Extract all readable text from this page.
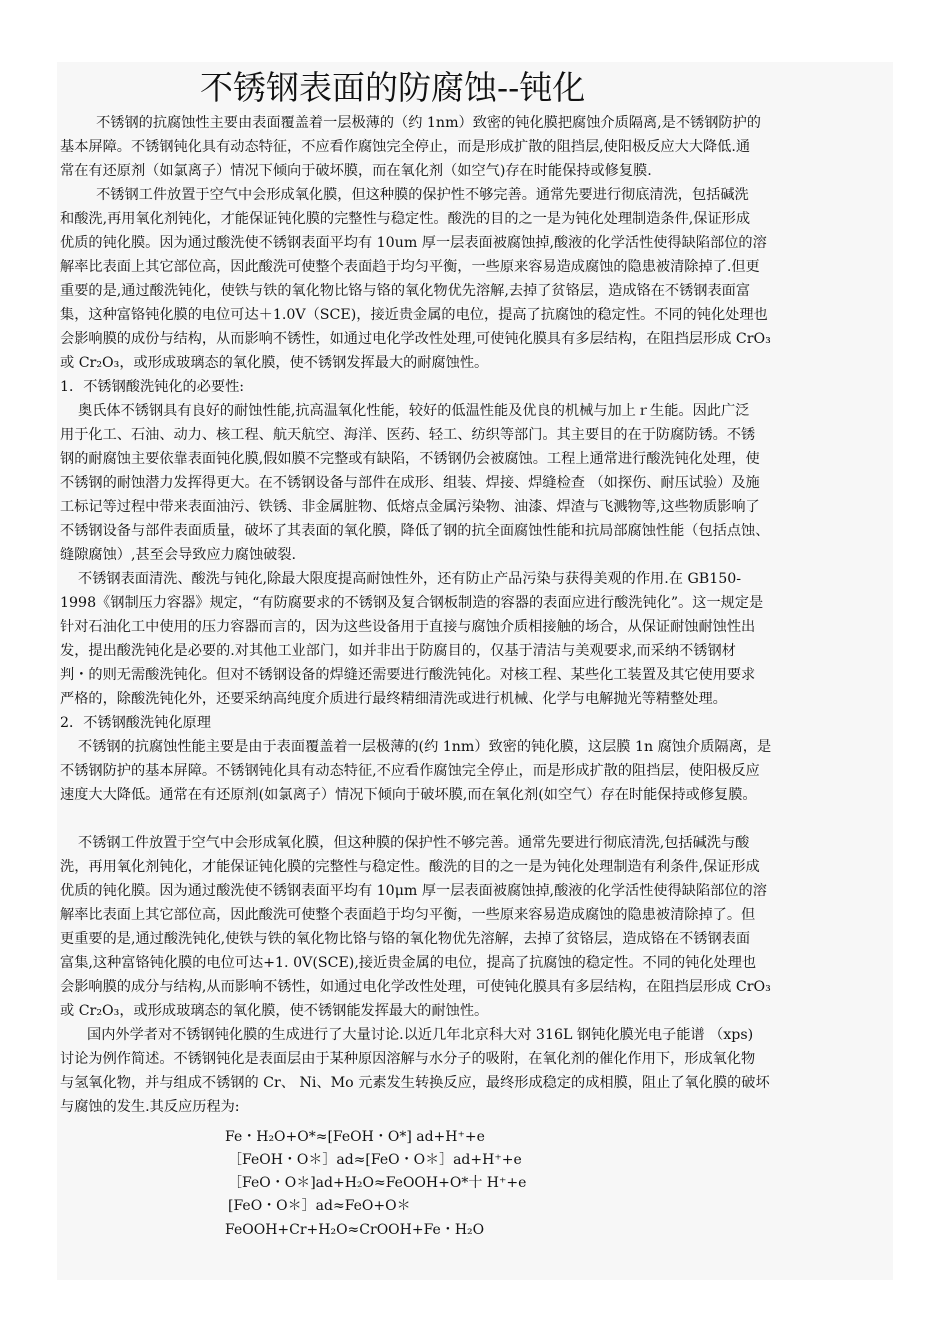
不锈钢表面的防腐蚀--钝化
不锈钢的抗腐蚀性主要由表面覆盖着一层极薄的（约 1nm）致密的钝化膜把腐蚀介质隔离,是不锈钢防护的
基本屏障。不锈钢钝化具有动态特征，不应看作腐蚀完全停止，而是形成扩散的阻挡层,使阳极反应大大降低.通
常在有还原剂（如氯离子）情况下倾向于破坏膜，而在氧化剂（如空气)存在时能保持或修复膜.
不锈钢工件放置于空气中会形成氧化膜，但这种膜的保护性不够完善。通常先要进行彻底清洗，包括碱洗
和酸洗,再用氧化剂钝化，才能保证钝化膜的完整性与稳定性。酸洗的目的之一是为钝化处理制造条件,保证形成
优质的钝化膜。因为通过酸洗使不锈钢表面平均有 10um 厚一层表面被腐蚀掉,酸液的化学活性使得缺陷部位的溶
解率比表面上其它部位高，因此酸洗可使整个表面趋于均匀平衡，一些原来容易造成腐蚀的隐患被清除掉了.但更
重要的是,通过酸洗钝化，使铁与铁的氧化物比铬与铬的氧化物优先溶解,去掉了贫铬层，造成铬在不锈钢表面富
集，这种富铬钝化膜的电位可达＋1.0V（SCE)，接近贵金属的电位，提高了抗腐蚀的稳定性。不同的钝化处理也
会影响膜的成份与结构，从而影响不锈性，如通过电化学改性处理,可使钝化膜具有多层结构，在阻挡层形成 CrO₃
或 Cr₂O₃，或形成玻璃态的氧化膜，使不锈钢发挥最大的耐腐蚀性。
1．不锈钢酸洗钝化的必要性:
奥氏体不锈钢具有良好的耐蚀性能,抗高温氧化性能，较好的低温性能及优良的机械与加上ｒ生能。因此广泛
用于化工、石油、动力、核工程、航天航空、海洋、医药、轻工、纺织等部门。其主要目的在于防腐防锈。不锈
钢的耐腐蚀主要依靠表面钝化膜,假如膜不完整或有缺陷，不锈钢仍会被腐蚀。工程上通常进行酸洗钝化处理，使
不锈钢的耐蚀潜力发挥得更大。在不锈钢设备与部件在成形、组装、焊接、焊缝检查 （如探伤、耐压试验）及施
工标记等过程中带来表面油污、铁锈、非金属脏物、低熔点金属污染物、油漆、焊渣与飞溅物等,这些物质影响了
不锈钢设备与部件表面质量，破坏了其表面的氧化膜，降低了钢的抗全面腐蚀性能和抗局部腐蚀性能（包括点蚀、
缝隙腐蚀）,甚至会导致应力腐蚀破裂.
不锈钢表面清洗、酸洗与钝化,除最大限度提高耐蚀性外，还有防止产品污染与获得美观的作用.在 GB150-
1998《钢制压力容器》规定，“有防腐要求的不锈钢及复合钢板制造的容器的表面应进行酸洗钝化”。这一规定是
针对石油化工中使用的压力容器而言的，因为这些设备用于直接与腐蚀介质相接触的场合，从保证耐蚀耐蚀性出
发，提出酸洗钝化是必要的.对其他工业部门，如并非出于防腐目的，仅基于清洁与美观要求,而采纳不锈钢材
判・的则无需酸洗钝化。但对不锈钢设备的焊缝还需要进行酸洗钝化。对核工程、某些化工装置及其它使用要求
严格的，除酸洗钝化外，还要采纳高纯度介质进行最终精细清洗或进行机械、化学与电解抛光等精整处理。
2．不锈钢酸洗钝化原理
不锈钢的抗腐蚀性能主要是由于表面覆盖着一层极薄的(约 1nm）致密的钝化膜，这层膜 1n 腐蚀介质隔离，是
不锈钢防护的基本屏障。不锈钢钝化具有动态特征,不应看作腐蚀完全停止，而是形成扩散的阻挡层，使阳极反应
速度大大降低。通常在有还原剂(如氯离子）情况下倾向于破坏膜,而在氧化剂(如空气）存在时能保持或修复膜。
不锈钢工件放置于空气中会形成氧化膜，但这种膜的保护性不够完善。通常先要进行彻底清洗,包括碱洗与酸
洗，再用氧化剂钝化，才能保证钝化膜的完整性与稳定性。酸洗的目的之一是为钝化处理制造有利条件,保证形成
优质的钝化膜。因为通过酸洗使不锈钢表面平均有 10μm 厚一层表面被腐蚀掉,酸液的化学活性使得缺陷部位的溶
解率比表面上其它部位高，因此酸洗可使整个表面趋于均匀平衡，一些原来容易造成腐蚀的隐患被清除掉了。但
更重要的是,通过酸洗钝化,使铁与铁的氧化物比铬与铬的氧化物优先溶解，去掉了贫铬层，造成铬在不锈钢表面
富集,这种富铬钝化膜的电位可达+1. 0V(SCE),接近贵金属的电位，提高了抗腐蚀的稳定性。不同的钝化处理也
会影响膜的成分与结构,从而影响不锈性，如通过电化学改性处理，可使钝化膜具有多层结构，在阻挡层形成 CrO₃
或 Cr₂O₃，或形成玻璃态的氧化膜，使不锈钢能发挥最大的耐蚀性。
国内外学者对不锈钢钝化膜的生成进行了大量讨论.以近几年北京科大对 316L 钢钝化膜光电子能谱 （xps)
讨论为例作简述。不锈钢钝化是表面层由于某种原因溶解与水分子的吸附，在氧化剂的催化作用下，形成氧化物
与氢氧化物，并与组成不锈钢的 Cr、 Ni、Mo 元素发生转换反应，最终形成稳定的成相膜，阻止了氧化膜的破坏
与腐蚀的发生.其反应历程为:
Fe・H₂O+O*≈[FeOH・O*] ad+H⁺+e
［FeOH・O＊］ad≈[FeO・O＊］ad+H⁺+e
［FeO・O＊]ad+H₂O≈FeOOH+O*十 H⁺+e
[FeO・O＊］ad≈FeO+O＊
FeOOH+Cr+H₂O≈CrOOH+Fe・H₂O
